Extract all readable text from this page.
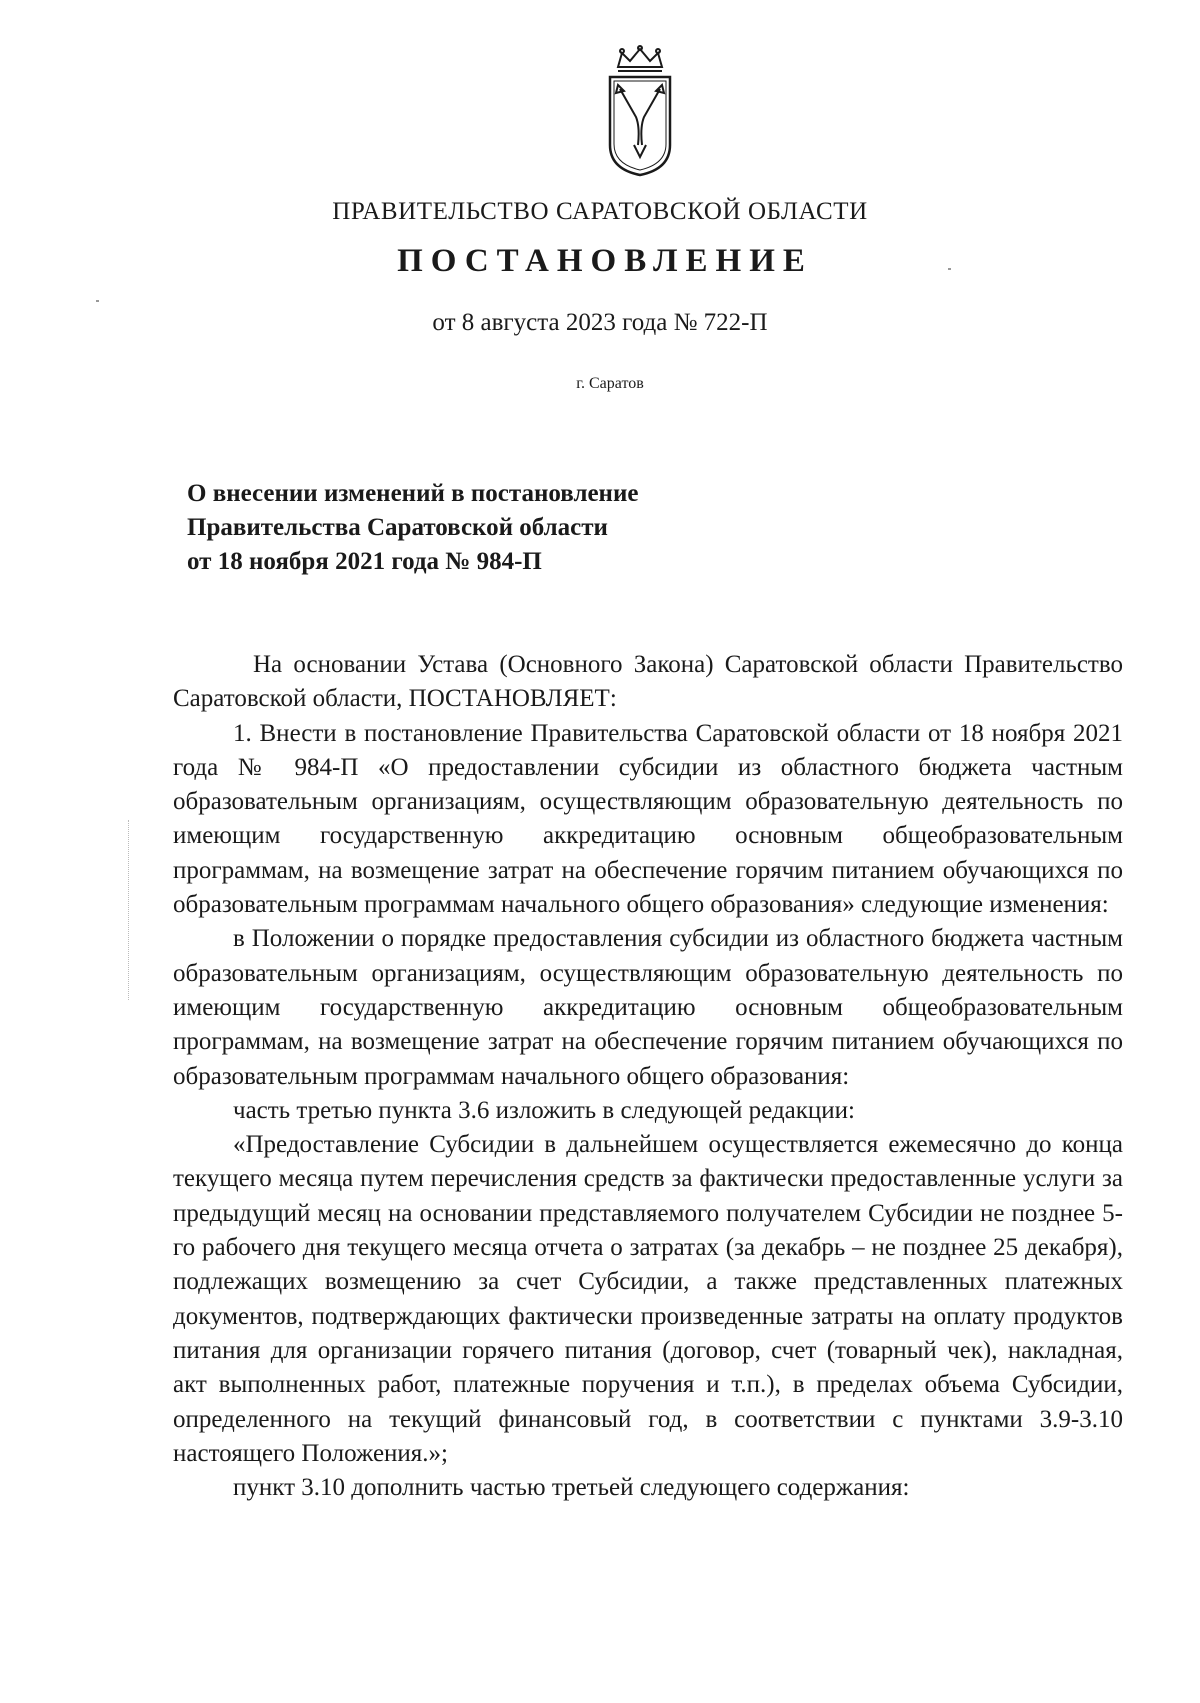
ПРАВИТЕЛЬСТВО САРАТОВСКОЙ ОБЛАСТИ
ПОСТАНОВЛЕНИЕ
от 8 августа 2023 года № 722-П
г. Саратов
О внесении изменений в постановление
Правительства Саратовской области
от 18 ноября 2021 года № 984-П

На основании Устава (Основного Закона) Саратовской области Правительство Саратовской области, ПОСТАНОВЛЯЕТ:

1. Внести в постановление Правительства Саратовской области от 18 ноября 2021 года № 984-П «О предоставлении субсидии из областного бюджета частным образовательным организациям, осуществляющим образовательную деятельность по имеющим государственную аккредитацию основным общеобразовательным программам, на возмещение затрат на обеспечение горячим питанием обучающихся по образовательным программам начального общего образования» следующие изменения:

в Положении о порядке предоставления субсидии из областного бюджета частным образовательным организациям, осуществляющим образовательную деятельность по имеющим государственную аккредитацию основным общеобразовательным программам, на возмещение затрат на обеспечение горячим питанием обучающихся по образовательным программам начального общего образования:

часть третью пункта 3.6 изложить в следующей редакции:

«Предоставление Субсидии в дальнейшем осуществляется ежемесячно до конца текущего месяца путем перечисления средств за фактически предоставленные услуги за предыдущий месяц на основании представляемого получателем Субсидии не позднее 5-го рабочего дня текущего месяца отчета о затратах (за декабрь – не позднее 25 декабря), подлежащих возмещению за счет Субсидии, а также представленных платежных документов, подтверждающих фактически произведенные затраты на оплату продуктов питания для организации горячего питания (договор, счет (товарный чек), накладная, акт выполненных работ, платежные поручения и т.п.), в пределах объема Субсидии, определенного на текущий финансовый год, в соответствии с пунктами 3.9-3.10 настоящего Положения.»;

пункт 3.10 дополнить частью третьей следующего содержания:
